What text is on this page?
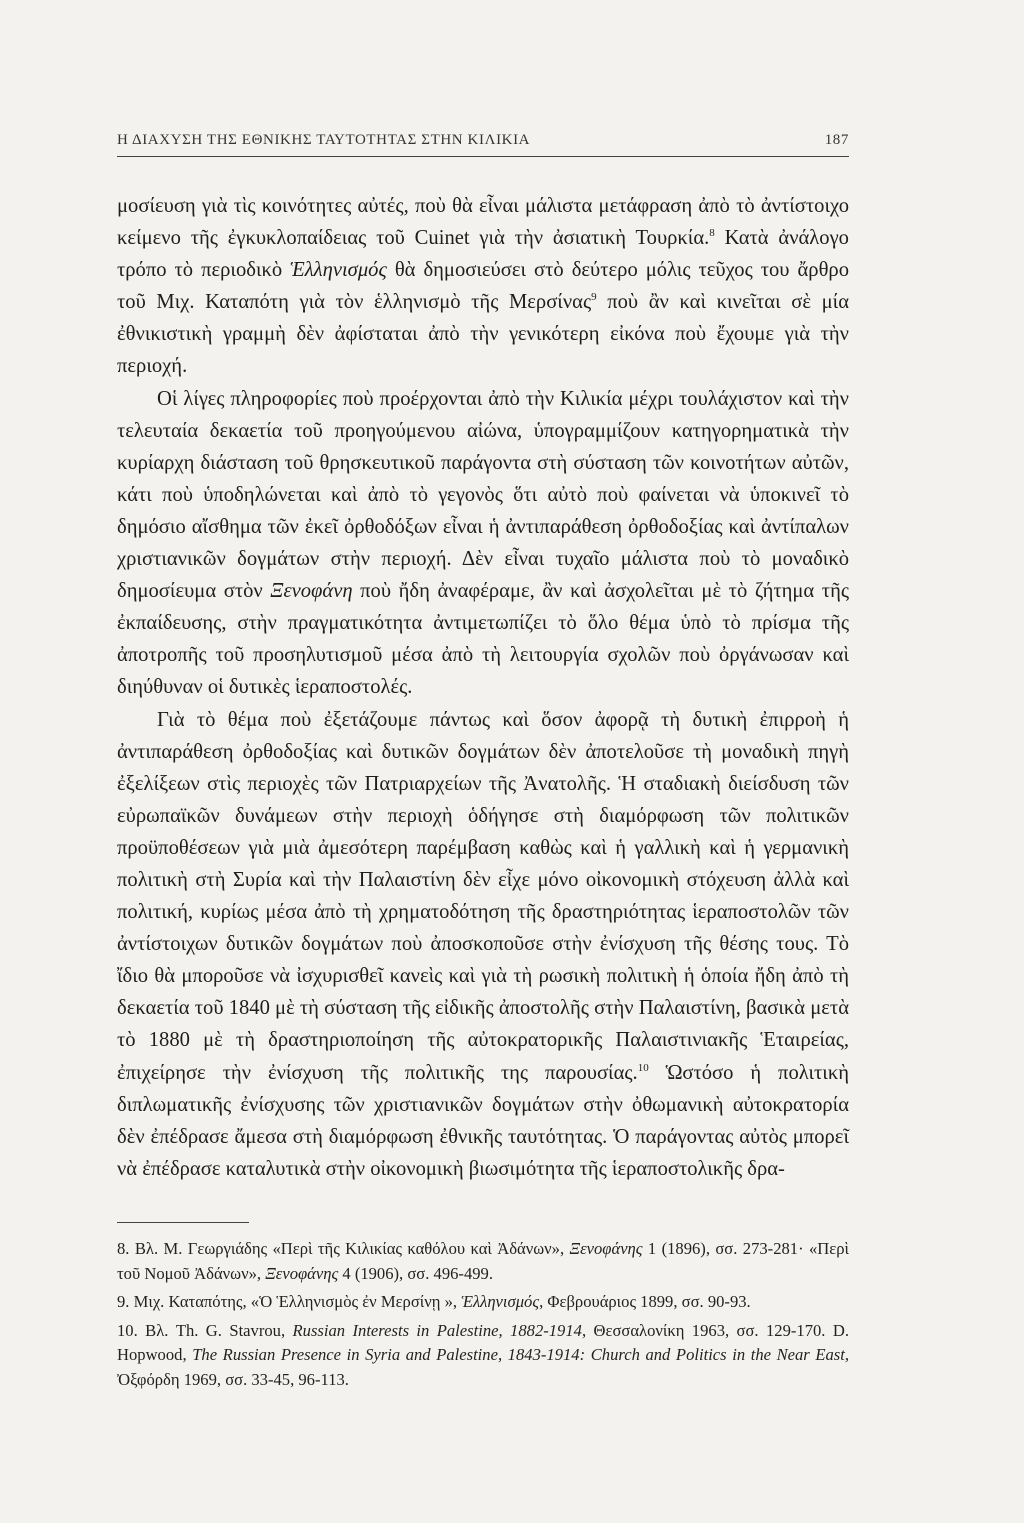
Η ΔΙΑΧΥΣΗ ΤΗΣ ΕΘΝΙΚΗΣ ΤΑΥΤΟΤΗΤΑΣ ΣΤΗΝ ΚΙΛΙΚΙΑ	187

μοσίευση γιὰ τὶς κοινότητες αὐτές, ποὺ θὰ εἶναι μάλιστα μετάφραση ἀπὸ τὸ ἀντίστοιχο κείμενο τῆς ἐγκυκλοπαίδειας τοῦ Cuinet γιὰ τὴν ἀσιατικὴ Τουρκία.$^8$ Κατὰ ἀνάλογο τρόπο τὸ περιοδικὸ Ἑλληνισμός θὰ δημοσιεύσει στὸ δεύτερο μόλις τεῦχος του ἄρθρο τοῦ Μιχ. Καταπότη γιὰ τὸν ἑλληνισμὸ τῆς Μερσίνας$^9$ ποὺ ἂν καὶ κινεῖται σὲ μία ἐθνικιστικὴ γραμμὴ δὲν ἀφίσταται ἀπὸ τὴν γενικότερη εἰκόνα ποὺ ἔχουμε γιὰ τὴν περιοχή.

Οἱ λίγες πληροφορίες ποὺ προέρχονται ἀπὸ τὴν Κιλικία μέχρι τουλάχιστον καὶ τὴν τελευταία δεκαετία τοῦ προηγούμενου αἰώνα, ὑπογραμμίζουν κατηγορηματικὰ τὴν κυρίαρχη διάσταση τοῦ θρησκευτικοῦ παράγοντα στὴ σύσταση τῶν κοινοτήτων αὐτῶν, κάτι ποὺ ὑποδηλώνεται καὶ ἀπὸ τὸ γεγονὸς ὅτι αὐτὸ ποὺ φαίνεται νὰ ὑποκινεῖ τὸ δημόσιο αἴσθημα τῶν ἐκεῖ ὀρθοδόξων εἶναι ἡ ἀντιπαράθεση ὀρθοδοξίας καὶ ἀντίπαλων χριστιανικῶν δογμάτων στὴν περιοχή. Δὲν εἶναι τυχαῖο μάλιστα ποὺ τὸ μοναδικὸ δημοσίευμα στὸν Ξενοφάνη ποὺ ἤδη ἀναφέραμε, ἂν καὶ ἀσχολεῖται μὲ τὸ ζήτημα τῆς ἐκπαίδευσης, στὴν πραγματικότητα ἀντιμετωπίζει τὸ ὅλο θέμα ὑπὸ τὸ πρίσμα τῆς ἀποτροπῆς τοῦ προσηλυτισμοῦ μέσα ἀπὸ τὴ λειτουργία σχολῶν ποὺ ὀργάνωσαν καὶ διηύθυναν οἱ δυτικὲς ἱεραποστολές.

Γιὰ τὸ θέμα ποὺ ἐξετάζουμε πάντως καὶ ὅσον ἀφορᾷ τὴ δυτικὴ ἐπιρροὴ ἡ ἀντιπαράθεση ὀρθοδοξίας καὶ δυτικῶν δογμάτων δὲν ἀποτελοῦσε τὴ μοναδικὴ πηγὴ ἐξελίξεων στὶς περιοχὲς τῶν Πατριαρχείων τῆς Ἀνατολῆς. Ἡ σταδιακὴ διείσδυση τῶν εὐρωπαϊκῶν δυνάμεων στὴν περιοχὴ ὁδήγησε στὴ διαμόρφωση τῶν πολιτικῶν προϋποθέσεων γιὰ μιὰ ἀμεσότερη παρέμβαση καθὼς καὶ ἡ γαλλικὴ καὶ ἡ γερμανικὴ πολιτικὴ στὴ Συρία καὶ τὴν Παλαιστίνη δὲν εἶχε μόνο οἰκονομικὴ στόχευση ἀλλὰ καὶ πολιτική, κυρίως μέσα ἀπὸ τὴ χρηματοδότηση τῆς δραστηριότητας ἱεραποστολῶν τῶν ἀντίστοιχων δυτικῶν δογμάτων ποὺ ἀποσκοποῦσε στὴν ἐνίσχυση τῆς θέσης τους. Τὸ ἴδιο θὰ μποροῦσε νὰ ἰσχυρισθεῖ κανεὶς καὶ γιὰ τὴ ρωσικὴ πολιτικὴ ἡ ὁποία ἤδη ἀπὸ τὴ δεκαετία τοῦ 1840 μὲ τὴ σύσταση τῆς εἰδικῆς ἀποστολῆς στὴν Παλαιστίνη, βασικὰ μετὰ τὸ 1880 μὲ τὴ δραστηριοποίηση τῆς αὐτοκρατορικῆς Παλαιστινιακῆς Ἑταιρείας, ἐπιχείρησε τὴν ἐνίσχυση τῆς πολιτικῆς της παρουσίας.$^{10}$ Ὡστόσο ἡ πολιτικὴ διπλωματικῆς ἐνίσχυσης τῶν χριστιανικῶν δογμάτων στὴν ὀθωμανικὴ αὐτοκρατορία δὲν ἐπέδρασε ἄμεσα στὴ διαμόρφωση ἐθνικῆς ταυτότητας. Ὁ παράγοντας αὐτὸς μπορεῖ νὰ ἐπέδρασε καταλυτικὰ στὴν οἰκονομικὴ βιωσιμότητα τῆς ἱεραποστολικῆς δρα-

8. Βλ. Μ. Γεωργιάδης «Περὶ τῆς Κιλικίας καθόλου καὶ Ἀδάνων», Ξενοφάνης 1 (1896), σσ. 273-281· «Περὶ τοῦ Νομοῦ Ἀδάνων», Ξενοφάνης 4 (1906), σσ. 496-499.

9. Μιχ. Καταπότης, «Ὁ Ἑλληνισμὸς ἐν Μερσίνῃ », Ἑλληνισμός, Φεβρουάριος 1899, σσ. 90-93.

10. Βλ. Th. G. Stavrou, Russian Interests in Palestine, 1882-1914, Θεσσαλονίκη 1963, σσ. 129-170. D. Hopwood, The Russian Presence in Syria and Palestine, 1843-1914: Church and Politics in the Near East, Ὀξφόρδη 1969, σσ. 33-45, 96-113.
